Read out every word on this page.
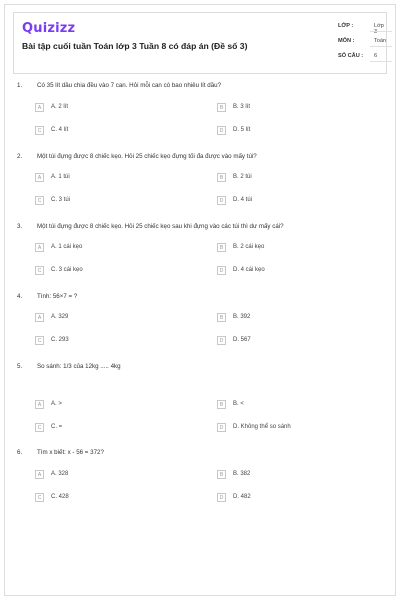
Quizizz
Bài tập cuối tuần Toán lớp 3 Tuần 8 có đáp án (Đề số 3)
LỚP :	Lớp 3
MÔN :	Toán
SỐ CÂU : 6
1.	Có 35 lít dầu chia đều vào 7 can. Hỏi mỗi can có bao nhiêu lít dầu?
A	A. 2 lít	B	B. 3 lít
C	C. 4 lít	D	D. 5 lít
2.	Một túi đựng được 8 chiếc kẹo. Hỏi 25 chiếc kẹo đựng tối đa được vào mấy túi?
A	A. 1 túi	B	B. 2 túi
C	C. 3 túi	D	D. 4 túi
3.	Một túi đựng được 8 chiếc kẹo. Hỏi 25 chiếc kẹo sau khi đựng vào các túi thì dư mấy cái?
A	A. 1 cái kẹo	B	B. 2 cái kẹo
C	C. 3 cái kẹo	D	D. 4 cái kẹo
4.	Tính: 56×7 = ?
A	A. 329	B	B. 392
C	C. 293	D	D. 567
5.	So sánh: 1/3 của 12kg ..... 4kg
A	A. >	B	B. <
C	C. =	D	D. Không thể so sánh
6.	Tìm x biết: x - 56 = 372?
A	A. 328	B	B. 382
C	C. 428	D	D. 482
